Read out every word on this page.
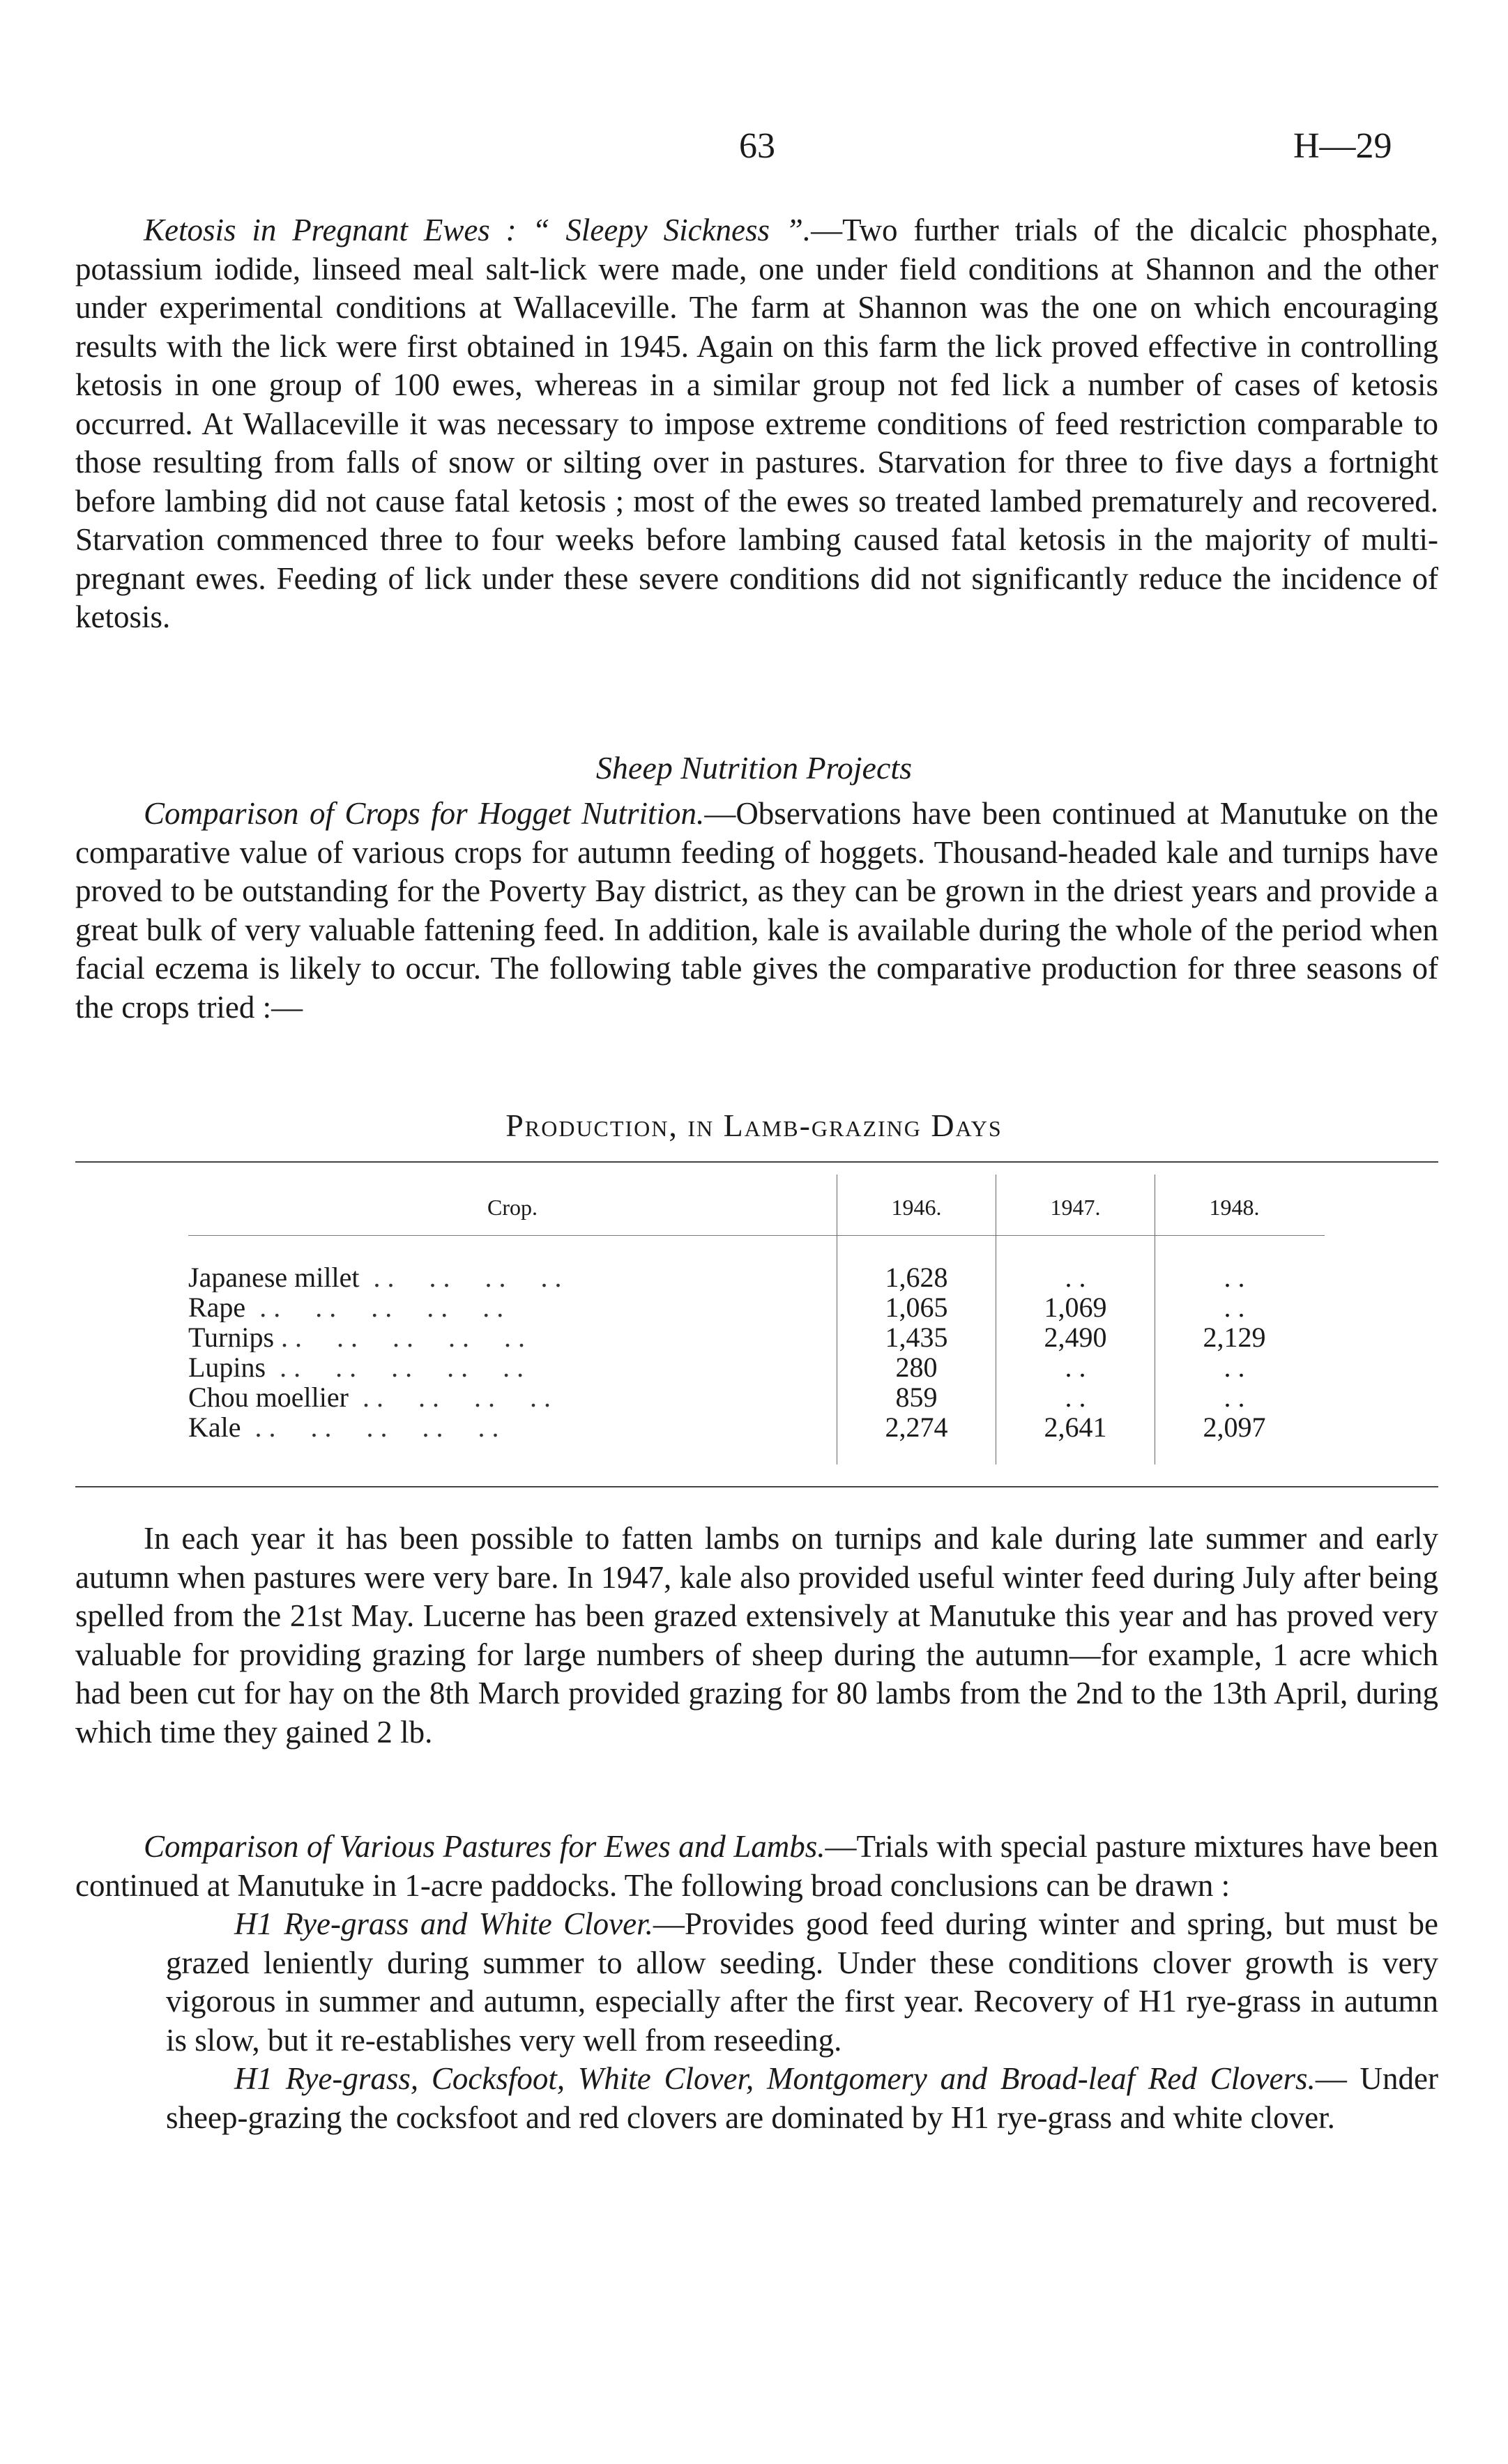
63	H—29

Ketosis in Pregnant Ewes : “ Sleepy Sickness ”.—Two further trials of the dicalcic phosphate, potassium iodide, linseed meal salt-lick were made, one under field conditions at Shannon and the other under experimental conditions at Wallaceville. The farm at Shannon was the one on which encouraging results with the lick were first obtained in 1945. Again on this farm the lick proved effective in controlling ketosis in one group of 100 ewes, whereas in a similar group not fed lick a number of cases of ketosis occurred. At Wallaceville it was necessary to impose extreme conditions of feed restriction comparable to those resulting from falls of snow or silting over in pastures. Starvation for three to five days a fortnight before lambing did not cause fatal ketosis ; most of the ewes so treated lambed prematurely and recovered. Starvation commenced three to four weeks before lambing caused fatal ketosis in the majority of multi-pregnant ewes. Feeding of lick under these severe conditions did not significantly reduce the incidence of ketosis.

Sheep Nutrition Projects

Comparison of Crops for Hogget Nutrition.—Observations have been continued at Manutuke on the comparative value of various crops for autumn feeding of hoggets. Thousand-headed kale and turnips have proved to be outstanding for the Poverty Bay district, as they can be grown in the driest years and provide a great bulk of very valuable fattening feed. In addition, kale is available during the whole of the period when facial eczema is likely to occur. The following table gives the comparative production for three seasons of the crops tried :—

Production, in Lamb-grazing Days
Crop.	1946.	1947.	1948.

Japanese millet  . .     . .     . .     . .	1,628	. .	. .
Rape  . .     . .     . .     . .     . .	1,065	1,069	. .
Turnips . .     . .     . .     . .     . .	1,435	2,490	2,129
Lupins  . .     . .     . .     . .     . .	280	. .	. .
Chou moellier  . .     . .     . .     . .	859	. .	. .
Kale  . .     . .     . .     . .     . .	2,274	2,641	2,097

In each year it has been possible to fatten lambs on turnips and kale during late summer and early autumn when pastures were very bare. In 1947, kale also provided useful winter feed during July after being spelled from the 21st May. Lucerne has been grazed extensively at Manutuke this year and has proved very valuable for providing grazing for large numbers of sheep during the autumn—for example, 1 acre which had been cut for hay on the 8th March provided grazing for 80 lambs from the 2nd to the 13th April, during which time they gained 2 lb.

Comparison of Various Pastures for Ewes and Lambs.—Trials with special pasture mixtures have been continued at Manutuke in 1-acre paddocks. The following broad conclusions can be drawn :

H1 Rye-grass and White Clover.—Provides good feed during winter and spring, but must be grazed leniently during summer to allow seeding. Under these conditions clover growth is very vigorous in summer and autumn, especially after the first year. Recovery of H1 rye-grass in autumn is slow, but it re-establishes very well from reseeding.

H1 Rye-grass, Cocksfoot, White Clover, Montgomery and Broad-leaf Red Clovers.— Under sheep-grazing the cocksfoot and red clovers are dominated by H1 rye-grass and white clover.
